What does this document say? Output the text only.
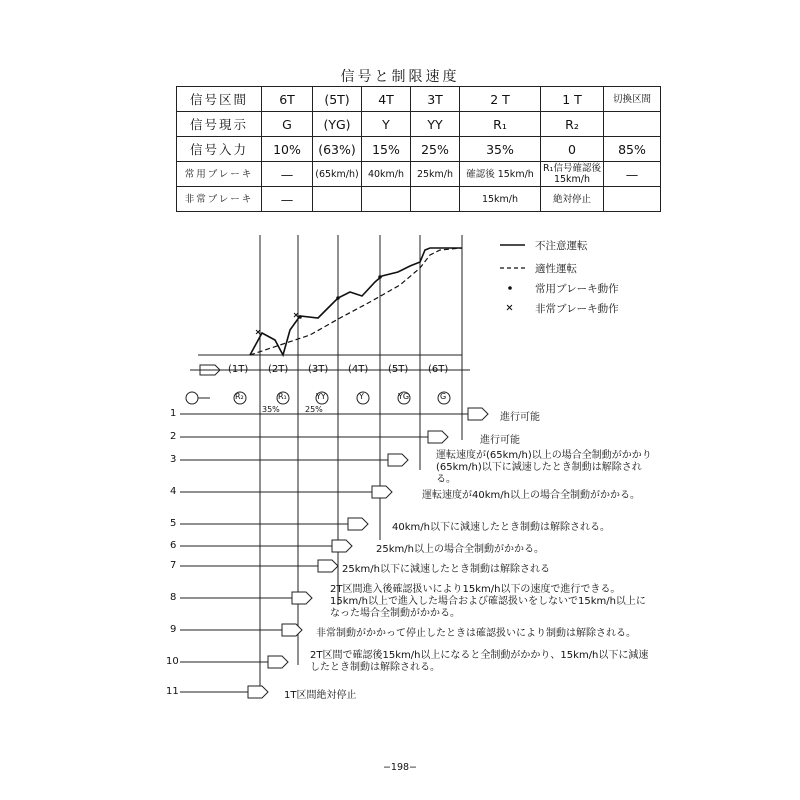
信号と制限速度
信号区間	6T	(5T)	4T	3T	2 T	1 T	切換区間
信号現示	G	(YG)	Y	YY	R₁	R₂	
信号入力	10%	(63%)	15%	25%	35%	0	85%
常用ブレーキ	—	(65km/h)	40km/h	25km/h	確認後 15km/h	R₁信号確認後 15km/h	—
非常ブレーキ	—				15km/h	絶対停止	
(1T) (2T) (3T) (4T) (5T) (6T)
R₂	R₁	YY	Y	YG	G
35%	25%
不注意運転
適性運転
常用ブレーキ動作
非常ブレーキ動作
1
2
3
4
5
6
7
8
9
10
11
進行可能
進行可能
運転速度が(65km/h)以上の場合全制動がかかり(65km/h)以下に減速したとき制動は解除される。
運転速度が40km/h以上の場合全制動がかかる。
40km/h以下に減速したとき制動は解除される。
25km/h以上の場合全制動がかかる。
25km/h以下に減速したとき制動は解除される
2T区間進入後確認扱いにより15km/h以下の速度で進行できる。15km/h以上で進入した場合および確認扱いをしないで15km/h以上になった場合全制動がかかる。
非常制動がかかって停止したときは確認扱いにより制動は解除される。
2T区間で確認後15km/h以上になると全制動がかかり、15km/h以下に減速したとき制動は解除される。
1T区間絶対停止
−198−
